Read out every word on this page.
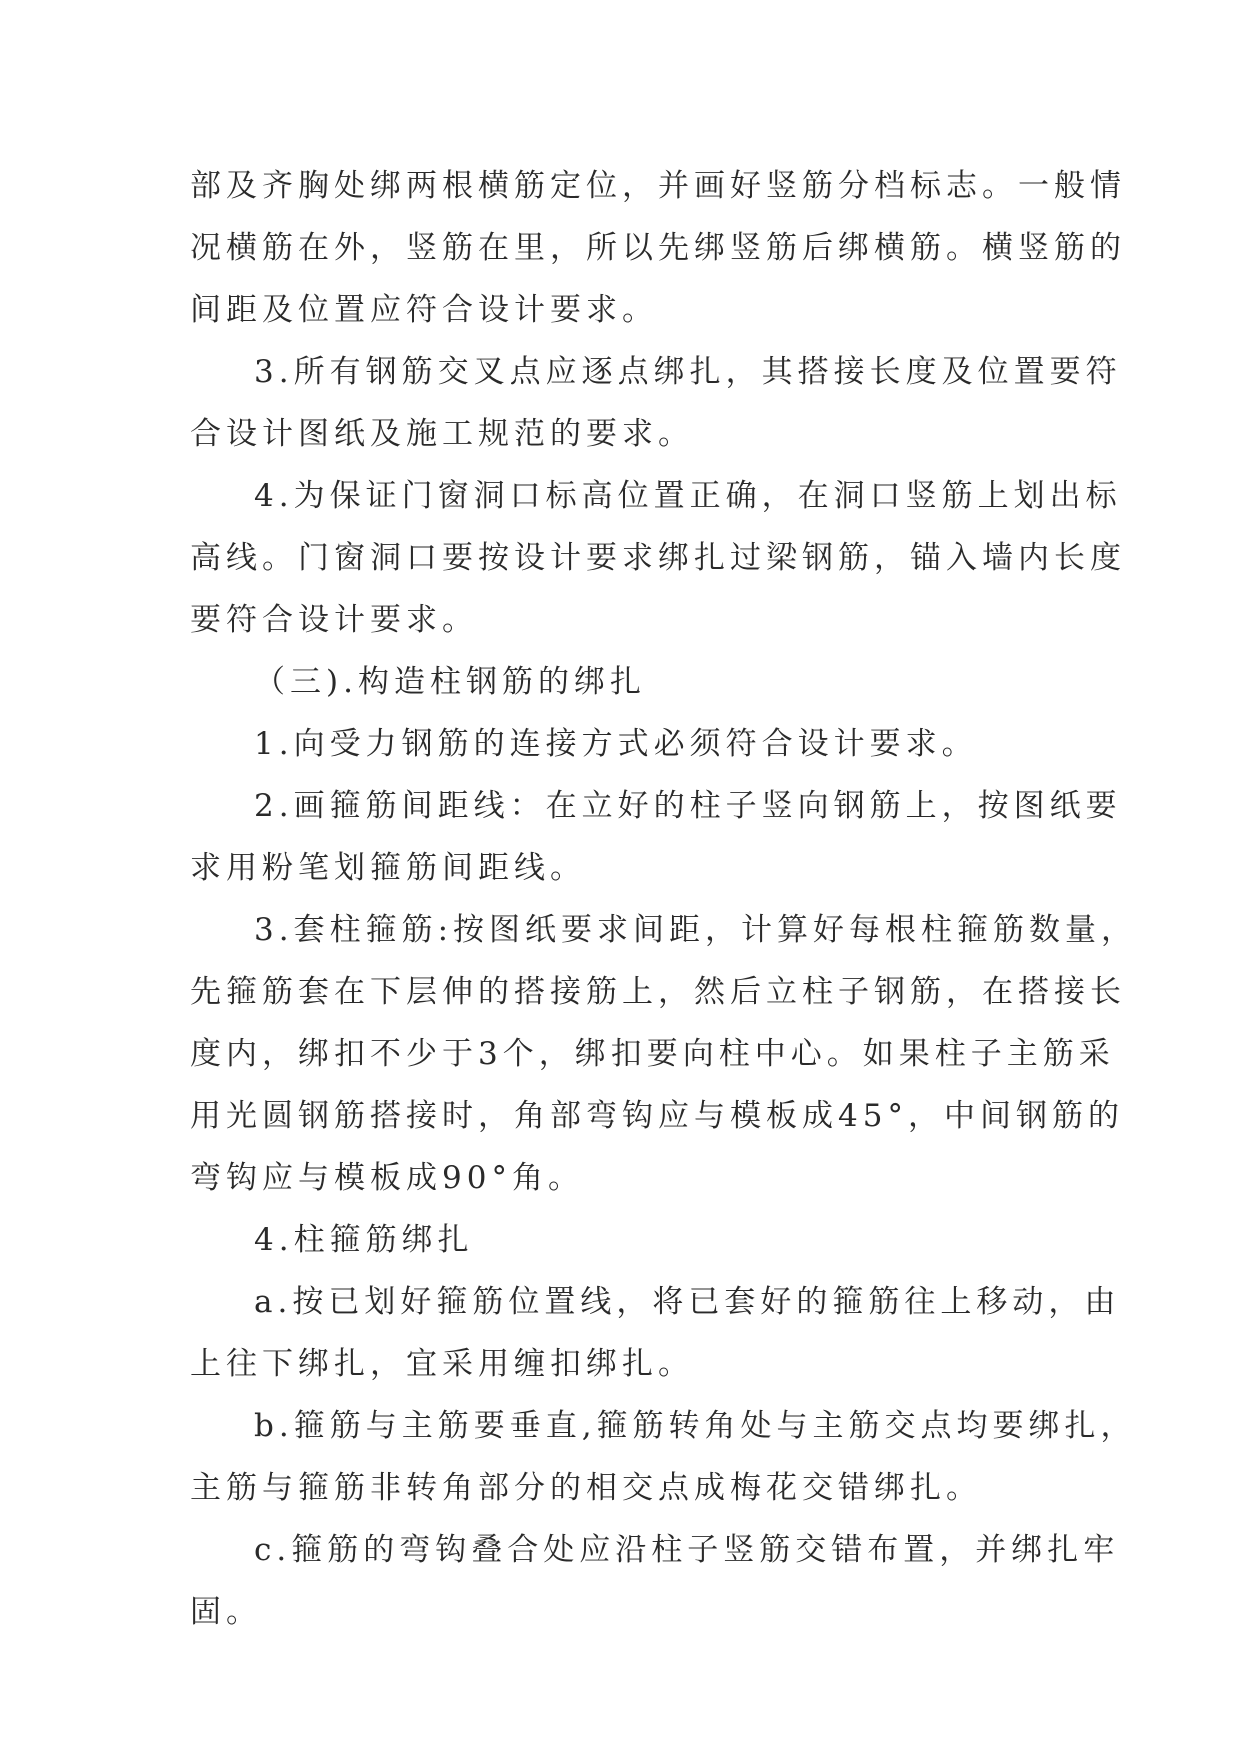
部及齐胸处绑两根横筋定位，并画好竖筋分档标志。一般情
况横筋在外，竖筋在里，所以先绑竖筋后绑横筋。横竖筋的
间距及位置应符合设计要求。
3.所有钢筋交叉点应逐点绑扎，其搭接长度及位置要符
合设计图纸及施工规范的要求。
4.为保证门窗洞口标高位置正确，在洞口竖筋上划出标
高线。门窗洞口要按设计要求绑扎过梁钢筋，锚入墙内长度
要符合设计要求。
（三).构造柱钢筋的绑扎
1.向受力钢筋的连接方式必须符合设计要求。
2.画箍筋间距线：在立好的柱子竖向钢筋上，按图纸要
求用粉笔划箍筋间距线。
3.套柱箍筋:按图纸要求间距，计算好每根柱箍筋数量，
先箍筋套在下层伸的搭接筋上，然后立柱子钢筋，在搭接长
度内，绑扣不少于3个，绑扣要向柱中心。如果柱子主筋采
用光圆钢筋搭接时，角部弯钩应与模板成45°，中间钢筋的
弯钩应与模板成90°角。
4.柱箍筋绑扎
a.按已划好箍筋位置线，将已套好的箍筋往上移动，由
上往下绑扎，宜采用缠扣绑扎。
b.箍筋与主筋要垂直,箍筋转角处与主筋交点均要绑扎，
主筋与箍筋非转角部分的相交点成梅花交错绑扎。
c.箍筋的弯钩叠合处应沿柱子竖筋交错布置，并绑扎牢
固。
